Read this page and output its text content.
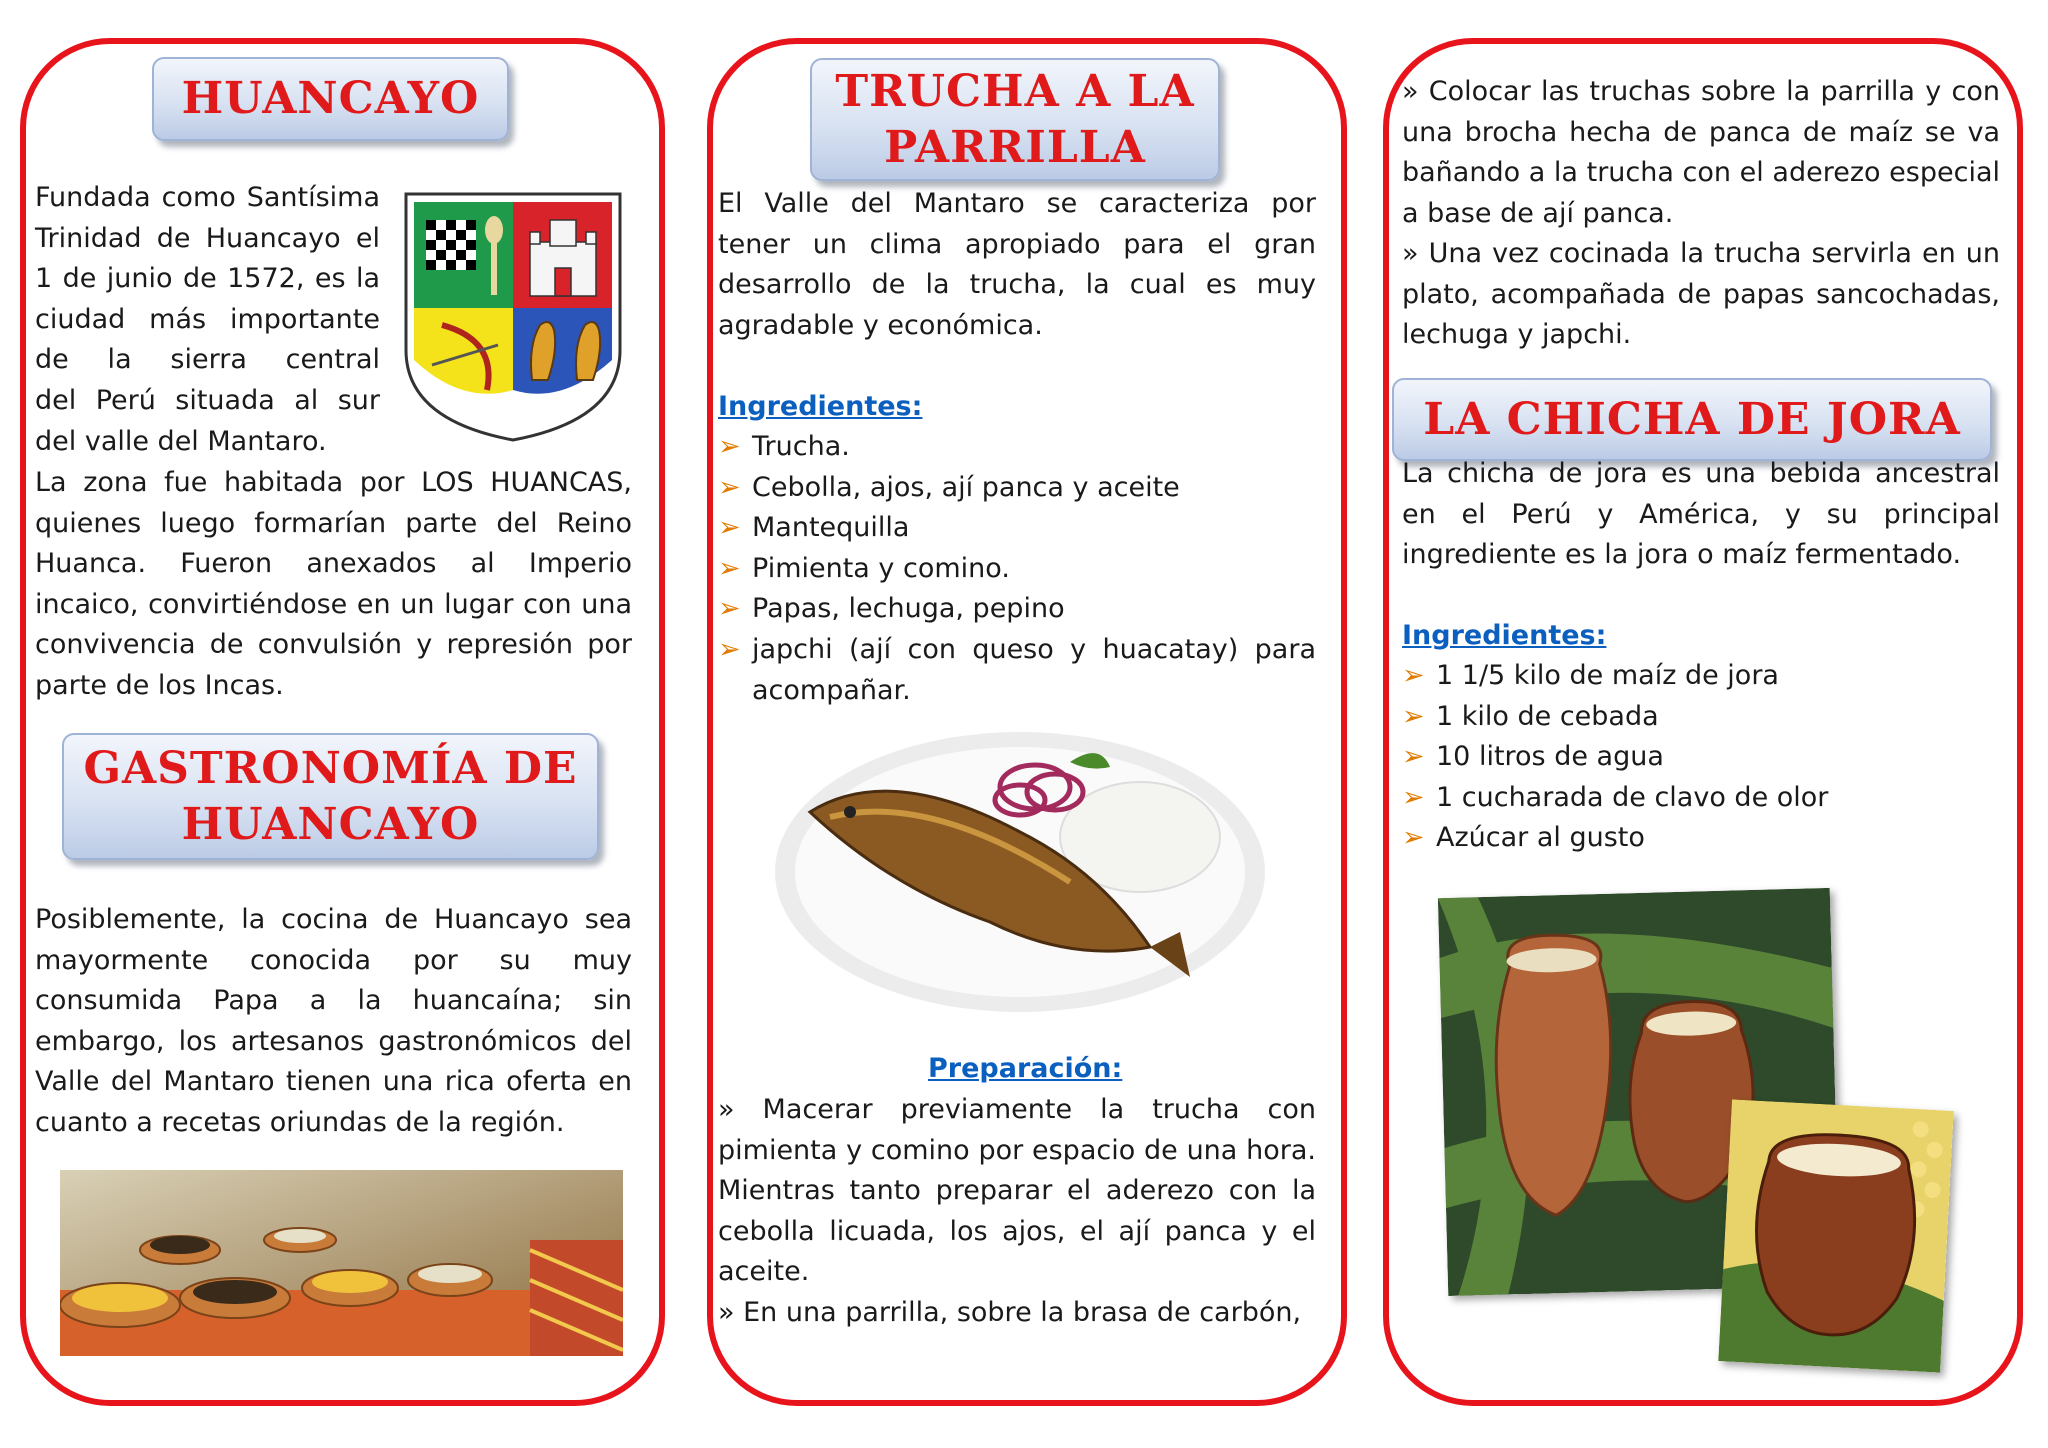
HUANCAYO
Fundada como Santísima
Trinidad de Huancayo el
1 de junio de 1572, es la
ciudad más importante
de la sierra central
del Perú situada al sur
del valle del Mantaro.
La zona fue habitada por LOS HUANCAS, quienes luego formarían parte del Reino Huanca. Fueron anexados al Imperio incaico, convirtiéndose en un lugar con una convivencia de convulsión y represión por parte de los Incas.
GASTRONOMÍA DE
HUANCAYO
Posiblemente, la cocina de Huancayo sea mayormente conocida por su muy consumida Papa a la huancaína; sin embargo, los artesanos gastronómicos del Valle del Mantaro tienen una rica oferta en cuanto a recetas oriundas de la región.
TRUCHA A LA
PARRILLA
El Valle del Mantaro se caracteriza por tener un clima apropiado para el gran desarrollo de la trucha, la cual es muy agradable y económica.
Ingredientes:
➢ Trucha.
➢ Cebolla, ajos, ají panca y aceite
➢ Mantequilla
➢ Pimienta y comino.
➢ Papas, lechuga, pepino
➢ japchi (ají con queso y huacatay) para acompañar.
Preparación:
» Macerar previamente la trucha con pimienta y comino por espacio de una hora. Mientras tanto preparar el aderezo con la cebolla licuada, los ajos, el ají panca y el aceite.
» En una parrilla, sobre la brasa de carbón,
» Colocar las truchas sobre la parrilla y con una brocha hecha de panca de maíz se va bañando a la trucha con el aderezo especial a base de ají panca.
» Una vez cocinada la trucha servirla en un plato, acompañada de papas sancochadas, lechuga y japchi.
LA CHICHA DE JORA
La chicha de jora es una bebida ancestral en el Perú y América, y su principal ingrediente es la jora o maíz fermentado.
Ingredientes:
➢ 1 1/5 kilo de maíz de jora
➢ 1 kilo de cebada
➢ 10 litros de agua
➢ 1 cucharada de clavo de olor
➢ Azúcar al gusto
